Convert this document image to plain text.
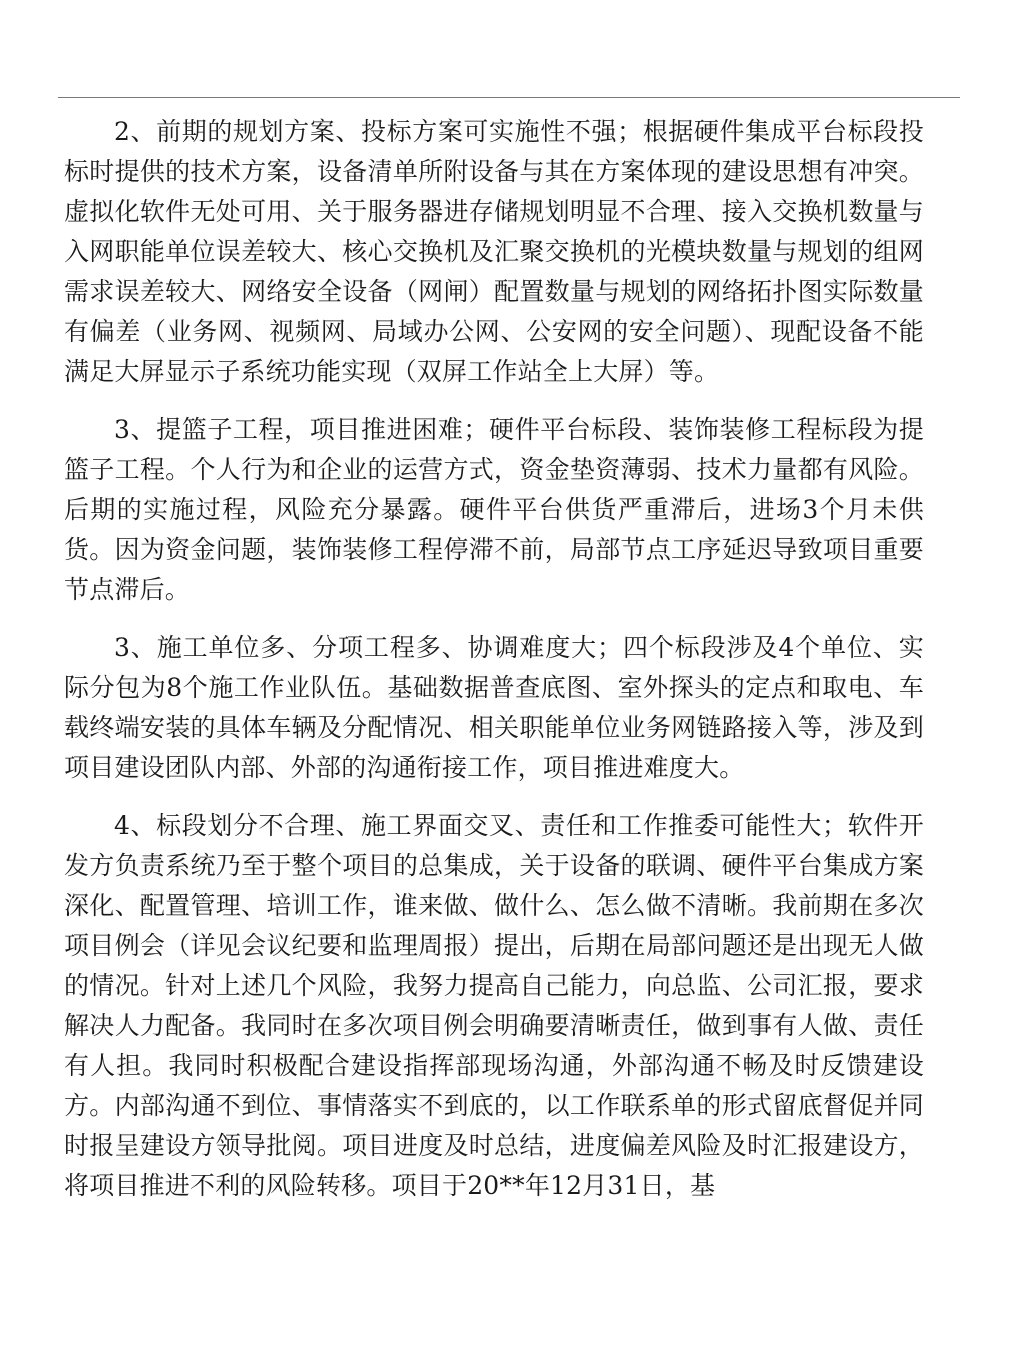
2、前期的规划方案、投标方案可实施性不强；根据硬件集成平台标段投标时提供的技术方案，设备清单所附设备与其在方案体现的建设思想有冲突。虚拟化软件无处可用、关于服务器进存储规划明显不合理、接入交换机数量与入网职能单位误差较大、核心交换机及汇聚交换机的光模块数量与规划的组网需求误差较大、网络安全设备（网闸）配置数量与规划的网络拓扑图实际数量有偏差（业务网、视频网、局域办公网、公安网的安全问题）、现配设备不能满足大屏显示子系统功能实现（双屏工作站全上大屏）等。

3、提篮子工程，项目推进困难；硬件平台标段、装饰装修工程标段为提篮子工程。个人行为和企业的运营方式，资金垫资薄弱、技术力量都有风险。后期的实施过程，风险充分暴露。硬件平台供货严重滞后，进场3个月未供货。因为资金问题，装饰装修工程停滞不前，局部节点工序延迟导致项目重要节点滞后。

3、施工单位多、分项工程多、协调难度大；四个标段涉及4个单位、实际分包为8个施工作业队伍。基础数据普查底图、室外探头的定点和取电、车载终端安装的具体车辆及分配情况、相关职能单位业务网链路接入等，涉及到项目建设团队内部、外部的沟通衔接工作，项目推进难度大。

4、标段划分不合理、施工界面交叉、责任和工作推委可能性大；软件开发方负责系统乃至于整个项目的总集成，关于设备的联调、硬件平台集成方案深化、配置管理、培训工作，谁来做、做什么、怎么做不清晰。我前期在多次项目例会（详见会议纪要和监理周报）提出，后期在局部问题还是出现无人做的情况。针对上述几个风险，我努力提高自己能力，向总监、公司汇报，要求解决人力配备。我同时在多次项目例会明确要清晰责任，做到事有人做、责任有人担。我同时积极配合建设指挥部现场沟通，外部沟通不畅及时反馈建设方。内部沟通不到位、事情落实不到底的，以工作联系单的形式留底督促并同时报呈建设方领导批阅。项目进度及时总结，进度偏差风险及时汇报建设方，将项目推进不利的风险转移。项目于20**年12月31日，基
